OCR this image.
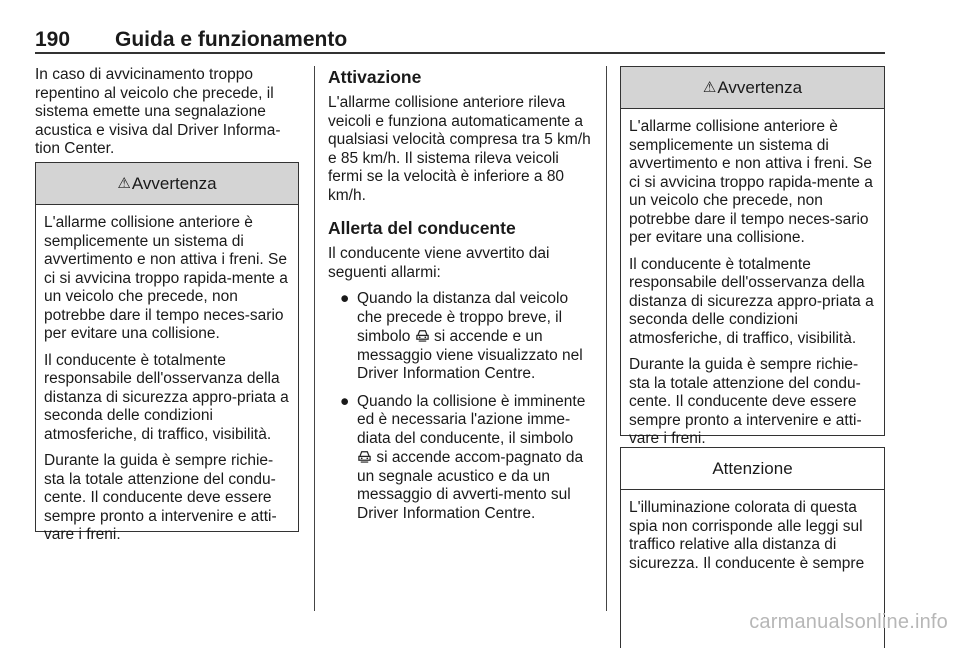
190 Guida e funzionamento

In caso di avvicinamento troppo repentino al veicolo che precede, il sistema emette una segnalazione acustica e visiva dal Driver Informa-tion Center.

⚠Avvertenza

L'allarme collisione anteriore è semplicemente un sistema di avvertimento e non attiva i freni. Se ci si avvicina troppo rapida-mente a un veicolo che precede, non potrebbe dare il tempo neces-sario per evitare una collisione.

Il conducente è totalmente responsabile dell'osservanza della distanza di sicurezza appro-priata a seconda delle condizioni atmosferiche, di traffico, visibilità.

Durante la guida è sempre richie-sta la totale attenzione del condu-cente. Il conducente deve essere sempre pronto a intervenire e atti-vare i freni.

Attivazione

L'allarme collisione anteriore rileva veicoli e funziona automaticamente a qualsiasi velocità compresa tra 5 km/h e 85 km/h. Il sistema rileva veicoli fermi se la velocità è inferiore a 80 km/h.

Allerta del conducente

Il conducente viene avvertito dai seguenti allarmi:

● Quando la distanza dal veicolo che precede è troppo breve, il simbolo si accende e un messaggio viene visualizzato nel Driver Information Centre.
● Quando la collisione è imminente ed è necessaria l'azione imme-diata del conducente, il simbolo  si accende accom-pagnato da un segnale acustico e da un messaggio di avverti-mento sul Driver Information Centre.
⚠Avvertenza

L'allarme collisione anteriore è semplicemente un sistema di avvertimento e non attiva i freni. Se ci si avvicina troppo rapida-mente a un veicolo che precede, non potrebbe dare il tempo neces-sario per evitare una collisione.

Il conducente è totalmente responsabile dell'osservanza della distanza di sicurezza appro-priata a seconda delle condizioni atmosferiche, di traffico, visibilità.

Durante la guida è sempre richie-sta la totale attenzione del condu-cente. Il conducente deve essere sempre pronto a intervenire e atti-vare i freni.

Attenzione

L'illuminazione colorata di questa spia non corrisponde alle leggi sul traffico relative alla distanza di sicurezza. Il conducente è sempre

carmanualsonline.info
